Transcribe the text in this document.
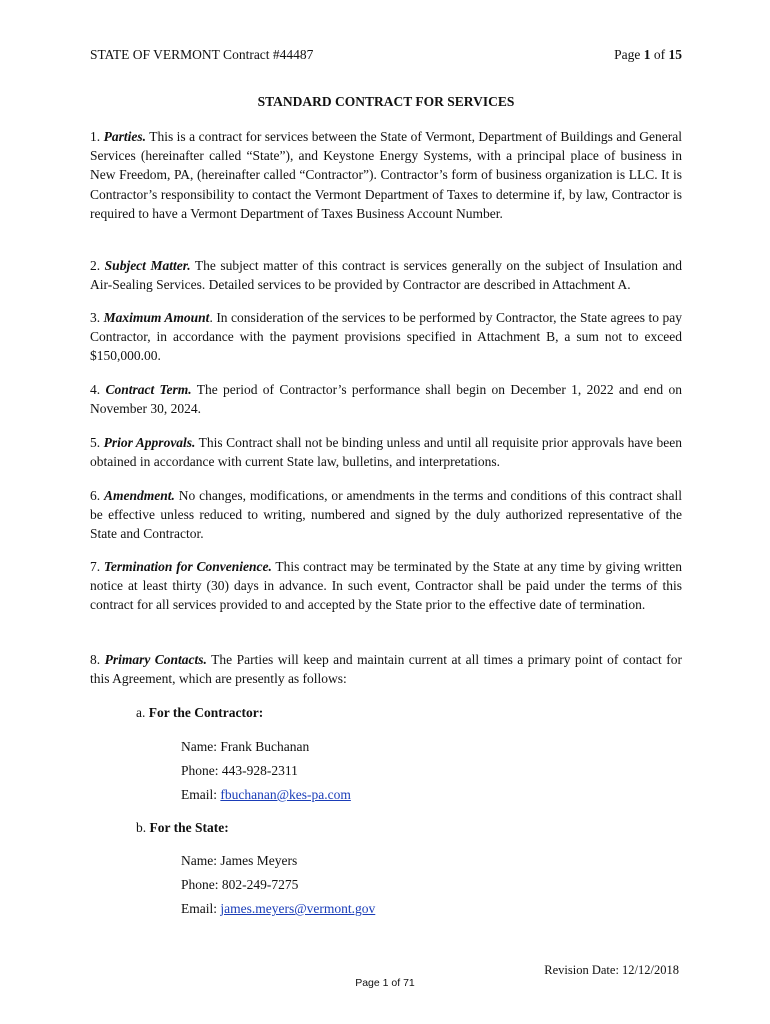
STATE OF VERMONT Contract #44487	Page 1 of 15
STANDARD CONTRACT FOR SERVICES

1. Parties. This is a contract for services between the State of Vermont, Department of Buildings and General Services (hereinafter called “State”), and Keystone Energy Systems, with a principal place of business in New Freedom, PA, (hereinafter called “Contractor”). Contractor’s form of business organization is LLC. It is Contractor’s responsibility to contact the Vermont Department of Taxes to determine if, by law, Contractor is required to have a Vermont Department of Taxes Business Account Number.

2. Subject Matter. The subject matter of this contract is services generally on the subject of Insulation and Air-Sealing Services. Detailed services to be provided by Contractor are described in Attachment A.

3. Maximum Amount. In consideration of the services to be performed by Contractor, the State agrees to pay Contractor, in accordance with the payment provisions specified in Attachment B, a sum not to exceed $150,000.00.

4. Contract Term. The period of Contractor’s performance shall begin on December 1, 2022 and end on November 30, 2024.

5. Prior Approvals. This Contract shall not be binding unless and until all requisite prior approvals have been obtained in accordance with current State law, bulletins, and interpretations.

6. Amendment. No changes, modifications, or amendments in the terms and conditions of this contract shall be effective unless reduced to writing, numbered and signed by the duly authorized representative of the State and Contractor.

7. Termination for Convenience. This contract may be terminated by the State at any time by giving written notice at least thirty (30) days in advance. In such event, Contractor shall be paid under the terms of this contract for all services provided to and accepted by the State prior to the effective date of termination.

8. Primary Contacts. The Parties will keep and maintain current at all times a primary point of contact for this Agreement, which are presently as follows:

a. For the Contractor:
Name: Frank Buchanan
Phone: 443-928-2311
Email: fbuchanan@kes-pa.com
b. For the State:
Name: James Meyers
Phone: 802-249-7275
Email: james.meyers@vermont.gov
Revision Date: 12/12/2018
Page 1 of 71
